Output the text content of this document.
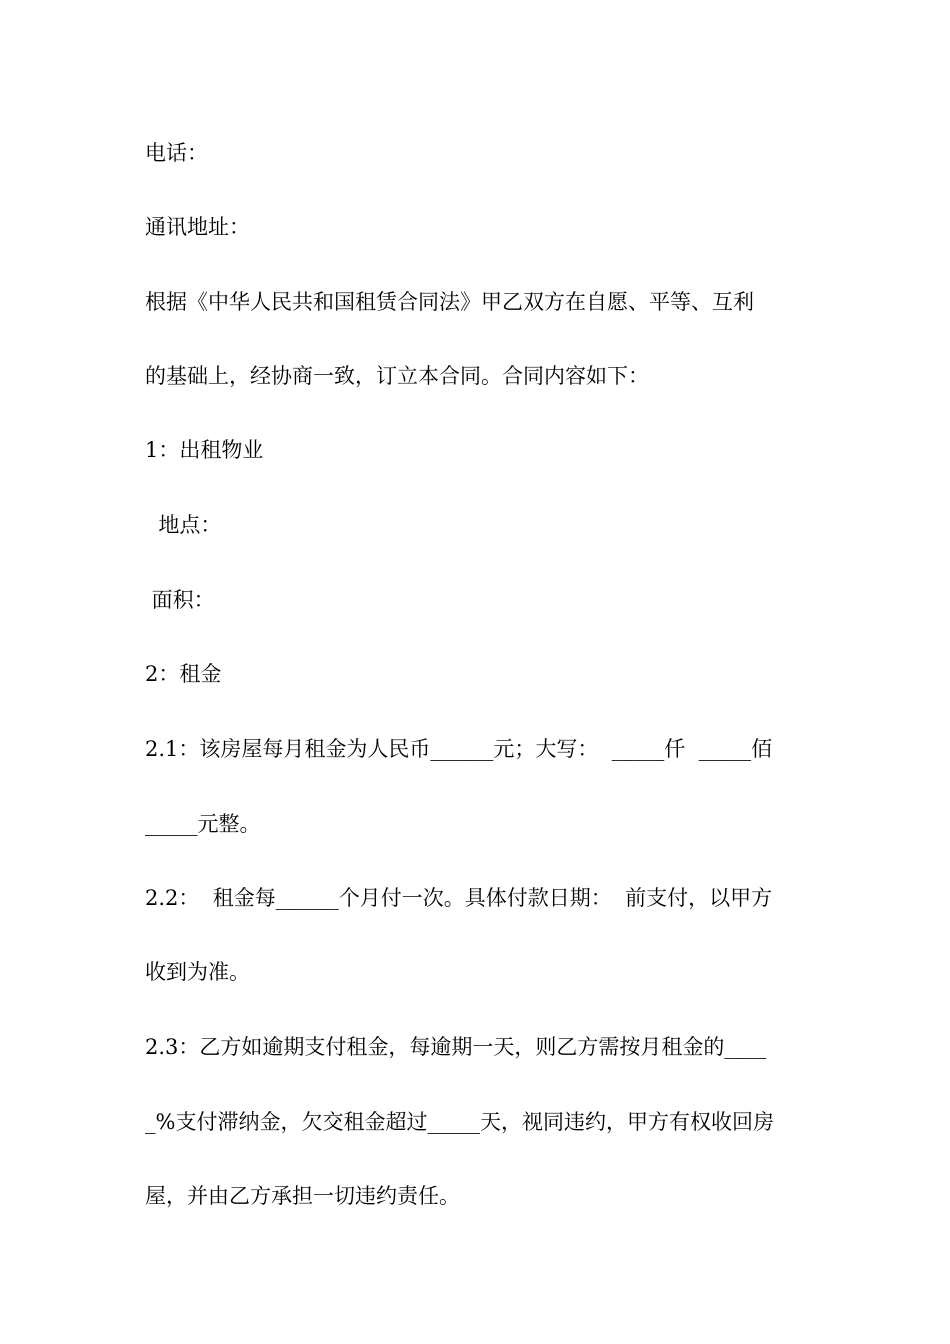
电话：
通讯地址：
根据《中华人民共和国租赁合同法》甲乙双方在自愿、平等、互利
的基础上，经协商一致，订立本合同。合同内容如下：
1：出租物业
地点：
面积：
2：租金
2.1：该房屋每月租金为人民币______元；大写：  _____仟  _____佰
_____元整。
2.2：  租金每______个月付一次。具体付款日期：  前支付，以甲方
收到为准。
2.3：乙方如逾期支付租金，每逾期一天，则乙方需按月租金的____
_%支付滞纳金，欠交租金超过_____天，视同违约，甲方有权收回房
屋，并由乙方承担一切违约责任。
